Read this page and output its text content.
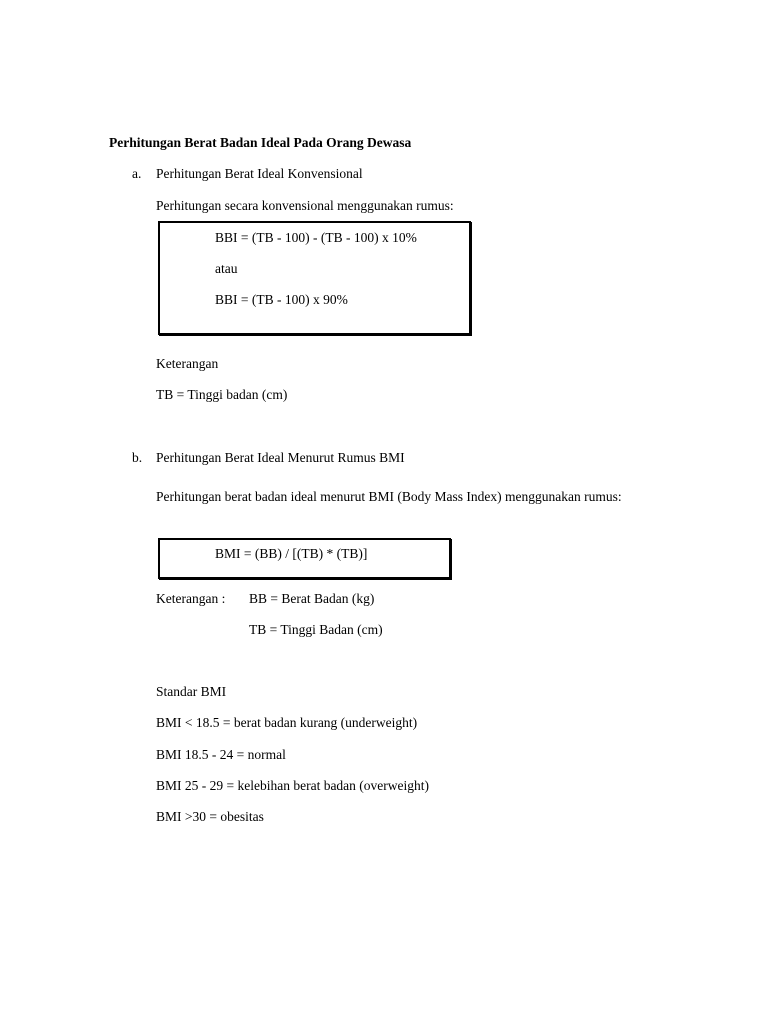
Perhitungan Berat Badan Ideal Pada Orang Dewasa
a. Perhitungan Berat Ideal Konvensional
Perhitungan secara konvensional menggunakan rumus:
BBI = (TB - 100) - (TB - 100) x 10%
atau
BBI = (TB - 100) x 90%
Keterangan
TB = Tinggi badan (cm)
b. Perhitungan Berat Ideal Menurut Rumus BMI
Perhitungan berat badan ideal menurut BMI (Body Mass Index) menggunakan rumus:
BMI = (BB) / [(TB) * (TB)]
Keterangan : BB = Berat Badan (kg)
TB = Tinggi Badan (cm)
Standar BMI
BMI < 18.5 = berat badan kurang (underweight)
BMI 18.5 - 24 = normal
BMI 25 - 29 = kelebihan berat badan (overweight)
BMI >30 = obesitas
